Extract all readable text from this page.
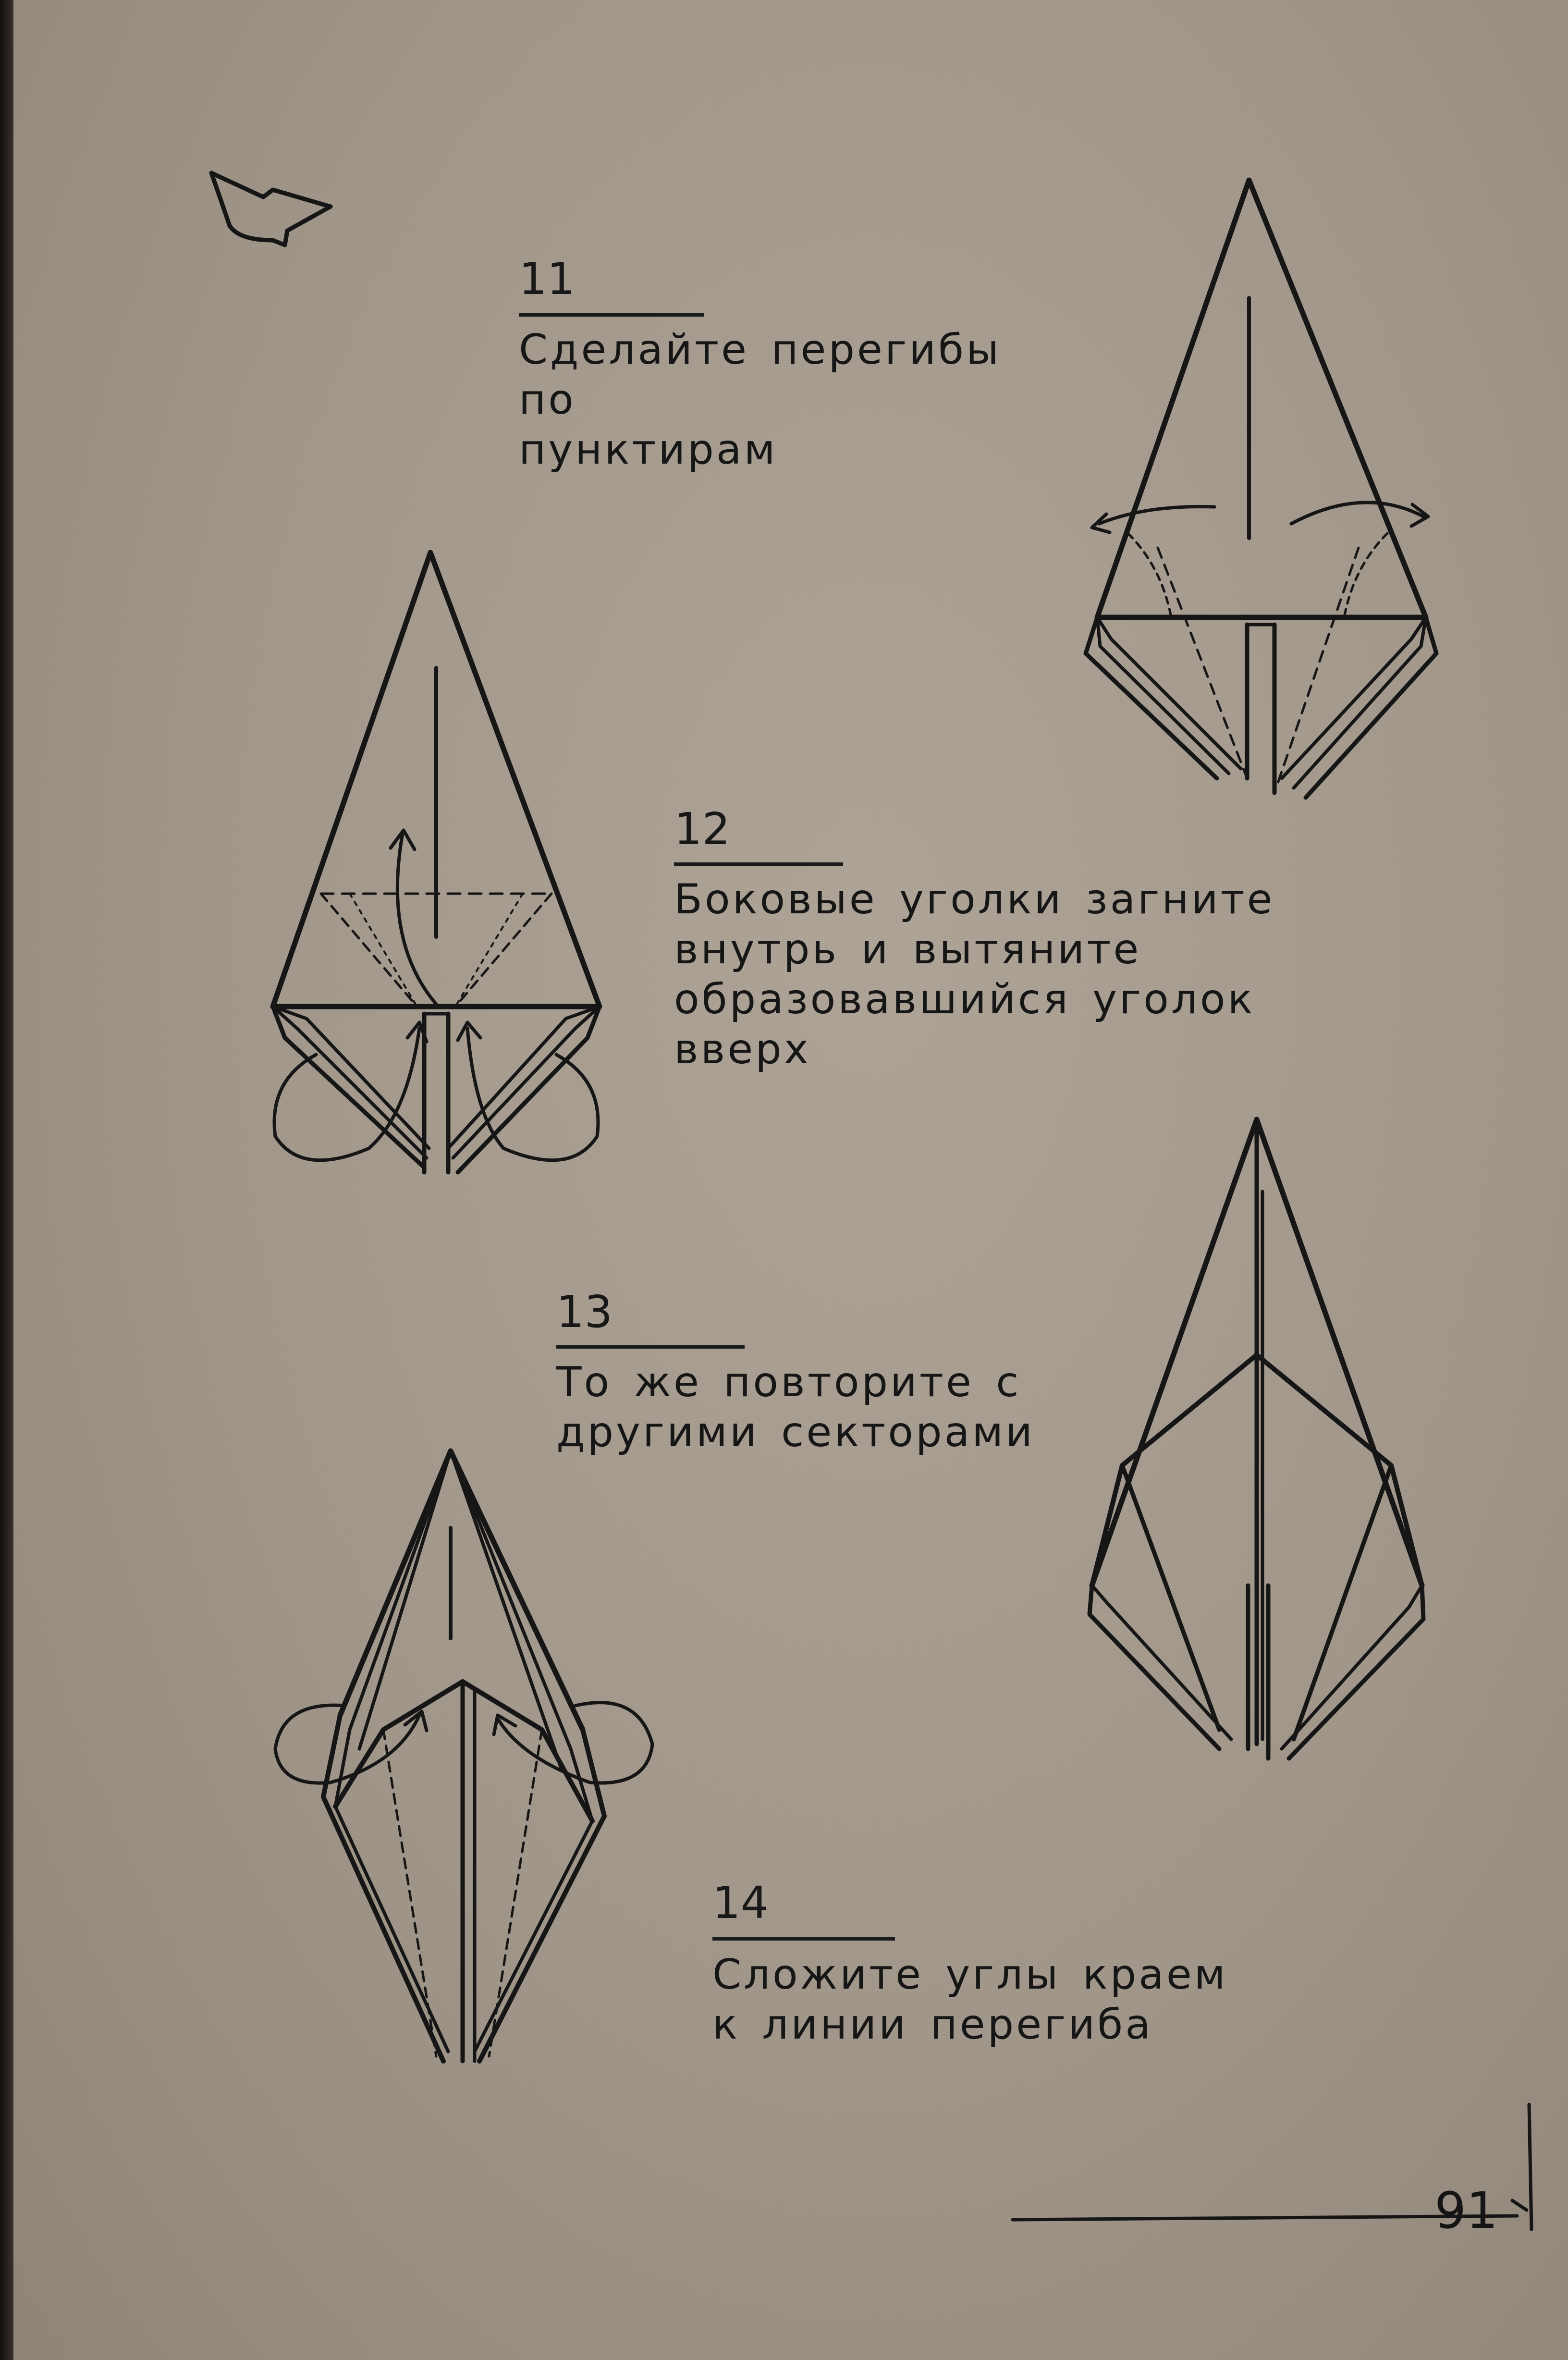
11
Сделайте перегибы по
пунктирам
12
Боковые уголки загните
внутрь и вытяните
образовавшийся уголок
вверх
13
То же повторите с
другими секторами
14
Сложите углы краем
к линии перегиба
91
